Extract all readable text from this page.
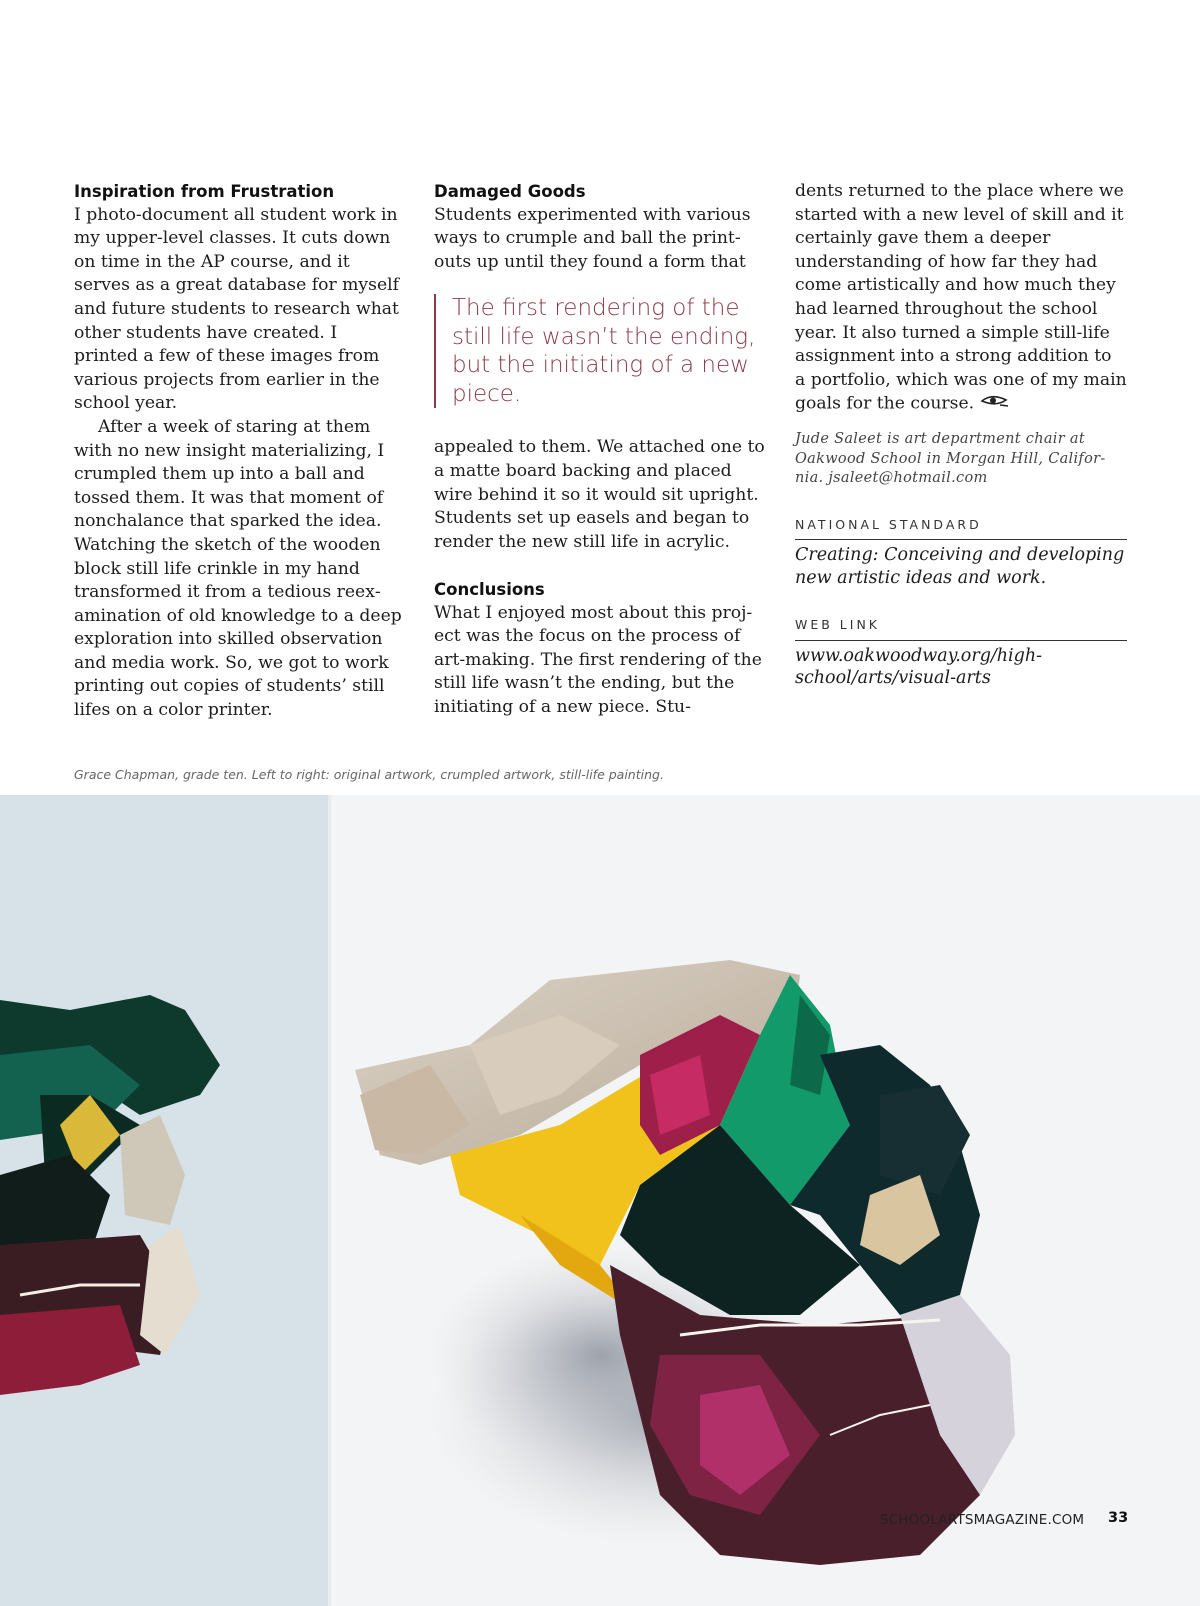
Inspiration from Frustration
I photo-document all student work in my upper-level classes. It cuts down on time in the AP course, and it serves as a great database for myself and future students to research what other students have created. I printed a few of these images from various projects from earlier in the school year.
After a week of staring at them with no new insight materializing, I crumpled them up into a ball and tossed them. It was that moment of nonchalance that sparked the idea. Watching the sketch of the wooden block still life crinkle in my hand transformed it from a tedious reexamination of old knowledge to a deep exploration into skilled observation and media work. So, we got to work printing out copies of students’ still lifes on a color printer.
Damaged Goods
Students experimented with various ways to crumple and ball the printouts up until they found a form that
The first rendering of the still life wasn’t the ending, but the initiating of a new piece.
appealed to them. We attached one to a matte board backing and placed wire behind it so it would sit upright. Students set up easels and began to render the new still life in acrylic.
Conclusions
What I enjoyed most about this project was the focus on the process of art-making. The first rendering of the still life wasn’t the ending, but the initiating of a new piece. Stu-
dents returned to the place where we started with a new level of skill and it certainly gave them a deeper understanding of how far they had come artistically and how much they had learned throughout the school year. It also turned a simple still-life assignment into a strong addition to a portfolio, which was one of my main goals for the course.
Jude Saleet is art department chair at Oakwood School in Morgan Hill, California. jsaleet@hotmail.com
NATIONAL STANDARD
Creating: Conceiving and developing new artistic ideas and work.
WEB LINK
www.oakwoodway.org/high-school/arts/visual-arts
Grace Chapman, grade ten. Left to right: original artwork, crumpled artwork, still-life painting.
SCHOOLARTSMAGAZINE.COM 33
